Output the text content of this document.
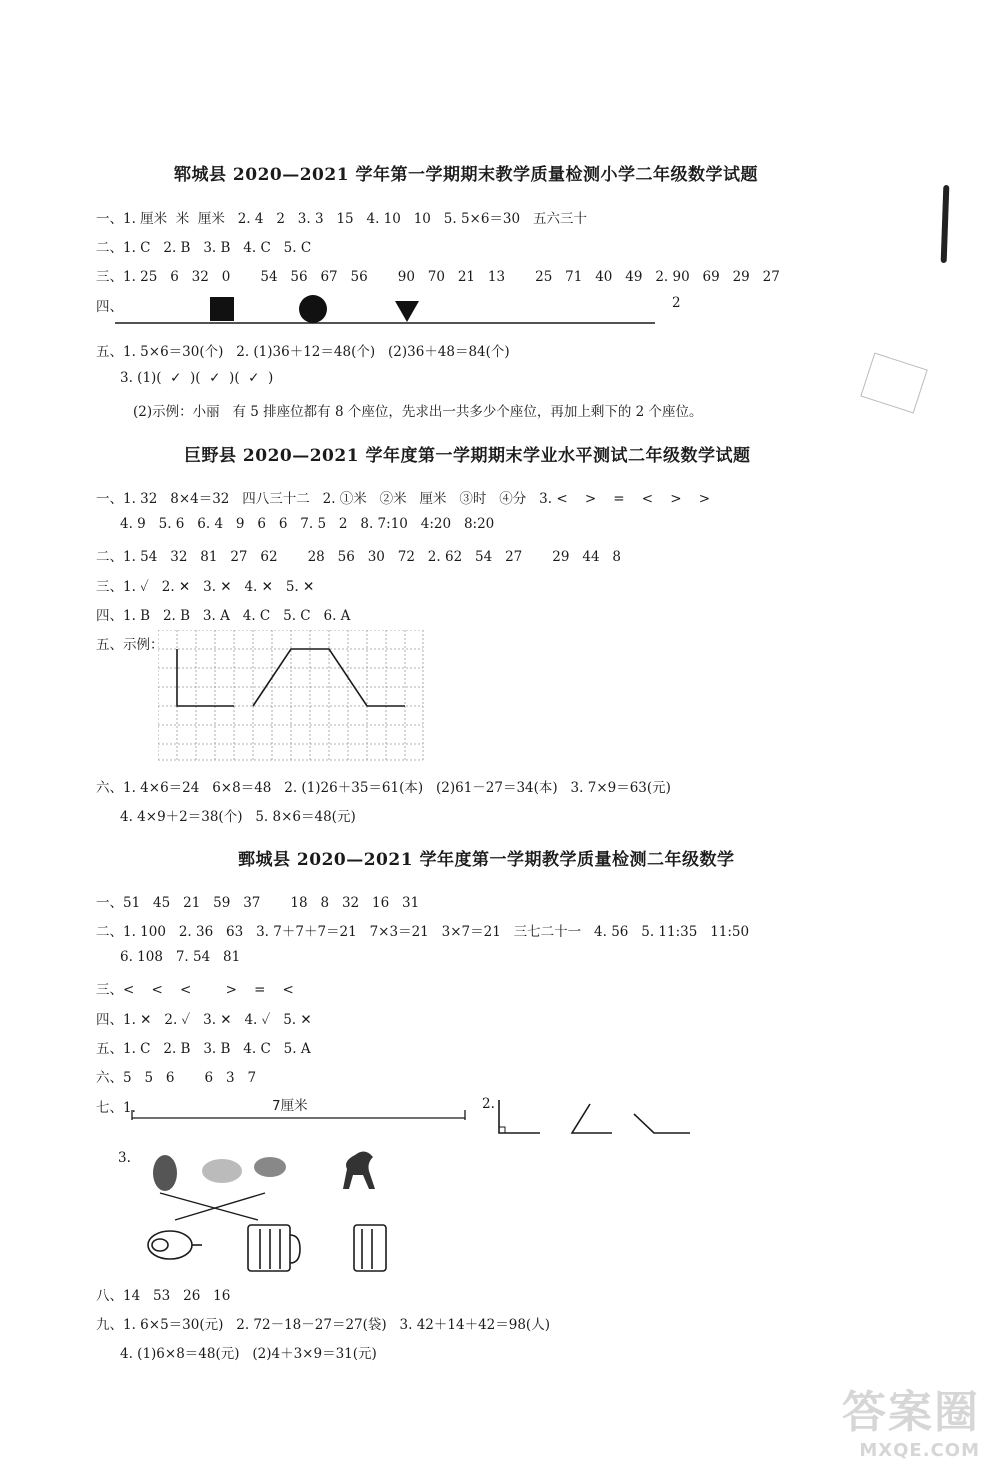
郓城县 2020—2021 学年第一学期期末教学质量检测小学二年级数学试题
一、1. 厘米  米  厘米   2. 4   2   3. 3   15   4. 10   10   5. 5×6＝30   五六三十
二、1. C   2. B   3. B   4. C   5. C
三、1. 25   6   32   0       54   56   67   56       90   70   21   13       25   71   40   49   2. 90   69   29   27
四、	2
五、1. 5×6＝30(个)   2. (1)36＋12＝48(个)   (2)36＋48＝84(个)
3. (1)(  ✓  )(  ✓  )(  ✓  )
(2)示例：小丽   有 5 排座位都有 8 个座位，先求出一共多少个座位，再加上剩下的 2 个座位。
巨野县 2020—2021 学年度第一学期期末学业水平测试二年级数学试题
一、1. 32   8×4＝32   四八三十二   2. ①米   ②米   厘米   ③时   ④分   3. <    >    =    <    >    >
4. 9   5. 6   6. 4   9   6   6   7. 5   2   8. 7:10   4:20   8:20
二、1. 54   32   81   27   62       28   56   30   72   2. 62   54   27       29   44   8
三、1. ✓   2. ✕   3. ✕   4. ✕   5. ✕
四、1. B   2. B   3. A   4. C   5. C   6. A
五、示例：
六、1. 4×6＝24   6×8＝48   2. (1)26＋35＝61(本)   (2)61－27＝34(本)   3. 7×9＝63(元)
4. 4×9＋2＝38(个)   5. 8×6＝48(元)
鄄城县 2020—2021 学年度第一学期教学质量检测二年级数学
一、51   45   21   59   37       18   8   32   16   31
二、1. 100   2. 36   63   3. 7＋7＋7＝21   7×3＝21   3×7＝21   三七二十一   4. 56   5. 11:35   11:50
6. 108   7. 54   81
三、<    <    <        >    =    <
四、1. ✕   2. ✓   3. ✕   4. ✓   5. ✕
五、1. C   2. B   3. B   4. C   5. A
六、5   5   6       6   3   7
七、1.	7厘米	2.
3.
八、14   53   26   16
九、1. 6×5＝30(元)   2. 72－18－27＝27(袋)   3. 42＋14＋42＝98(人)
4. (1)6×8＝48(元)   (2)4＋3×9＝31(元)
答案圈
MXQE.COM
